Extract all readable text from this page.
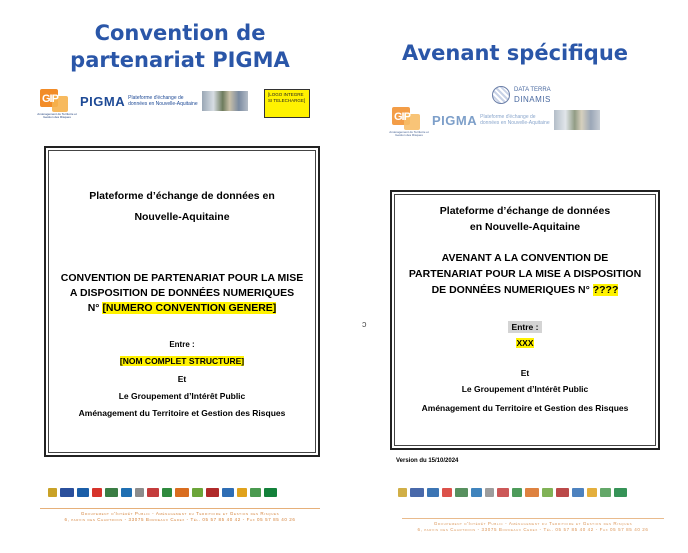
Convention de
partenariat PIGMA
GIP
Aménagement du Territoire et Gestion des Risques
PIGMA Plateforme d'échange de données en Nouvelle-Aquitaine
[LOGO INTEGRE SI TELECHARGE]

Plateforme d’échange de données en

Nouvelle-Aquitaine

CONVENTION DE PARTENARIAT POUR LA MISE

A DISPOSITION DE DONNÉES NUMERIQUES

N° [NUMERO CONVENTION GENERE]

Entre :

[NOM COMPLET STRUCTURE]

Et

Le Groupement d’Intérêt Public

Aménagement du Territoire et Gestion des Risques

Groupement d'Intérêt Public - Aménagement du Territoire et Gestion des Risques
6, parvis des Chartrons - 33075 Bordeaux Cedex - Tél. 05 57 85 40 42 - Fax 05 57 85 40 26
ↄ
Avenant spécifique
DATA TERRA
DINAMIS
GIP
Aménagement du Territoire et Gestion des Risques
PIGMA Plateforme d'échange de données en Nouvelle-Aquitaine

Plateforme d’échange de données

en Nouvelle-Aquitaine

AVENANT A LA CONVENTION DE

PARTENARIAT POUR LA MISE A DISPOSITION

DE DONNÉES NUMERIQUES N° ????

Entre :

XXX

Et

Le Groupement d’Intérêt Public

Aménagement du Territoire et Gestion des Risques

Version du 15/10/2024
Groupement d'Intérêt Public - Aménagement du Territoire et Gestion des Risques
6, parvis des Chartrons - 33075 Bordeaux Cedex - Tél. 05 57 85 40 42 - Fax 05 57 85 40 26
